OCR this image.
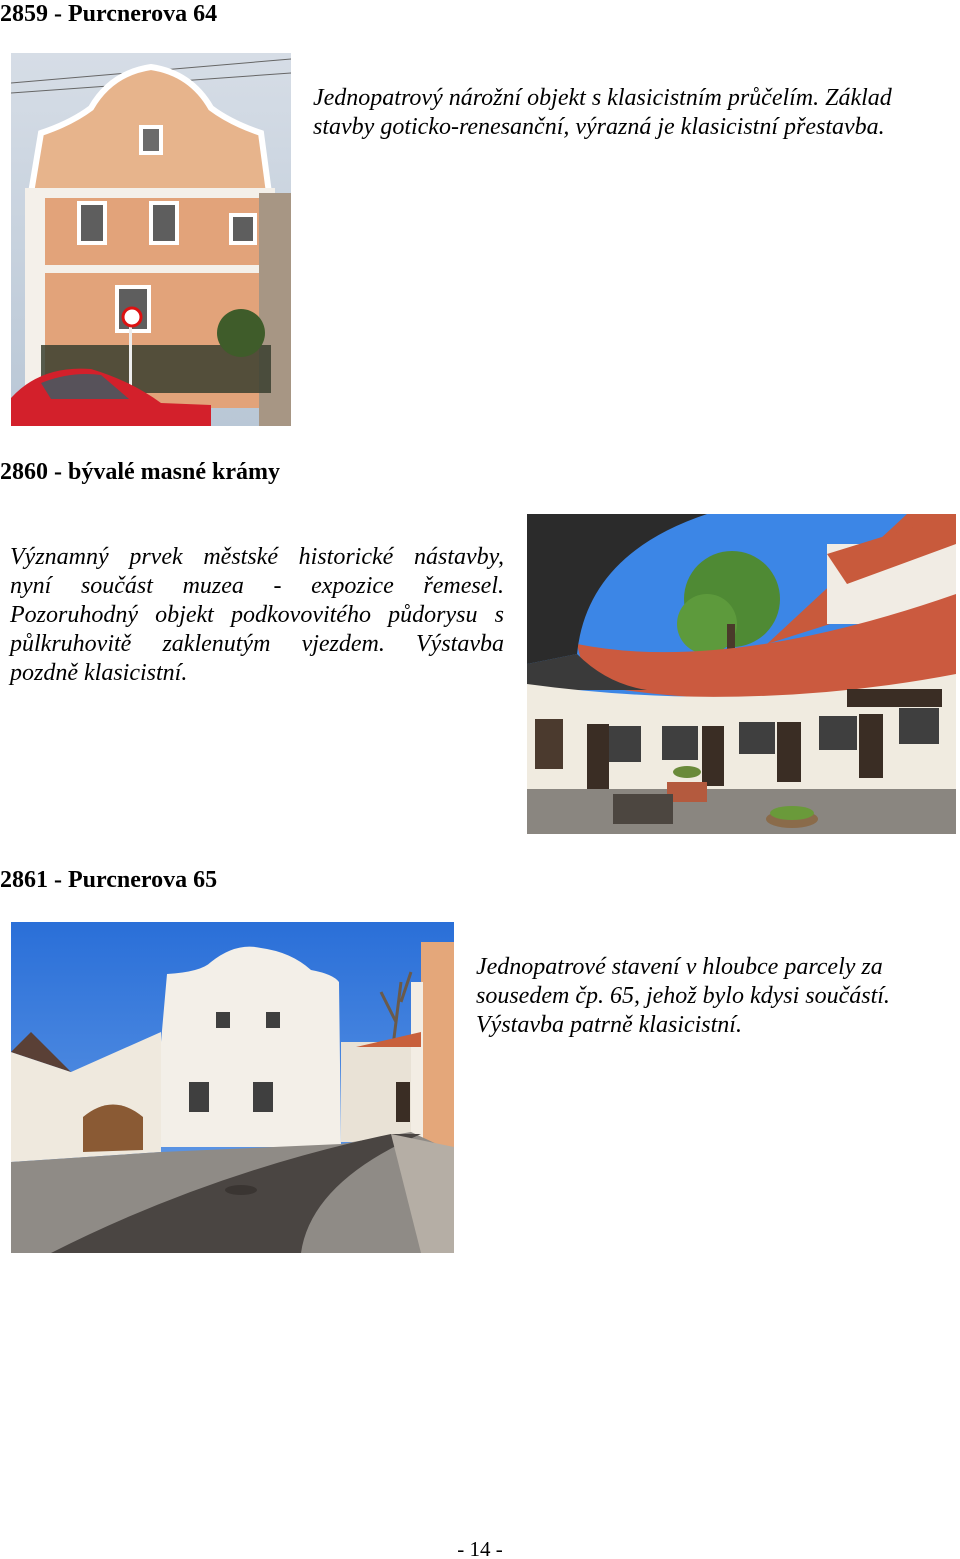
2859 - Purcnerova 64
Jednopatrový nárožní objekt s klasicistním průčelím. Základ
stavby goticko-renesanční, výrazná je klasicistní přestavba.
2860 - bývalé masné krámy
Významný prvek městské historické nástavby,
nyní součást muzea - expozice řemesel.
Pozoruhodný objekt podkovovitého půdorysu s
půlkruhovitě zaklenutým vjezdem. Výstavba
pozdně klasicistní.
2861 - Purcnerova 65
Jednopatrové stavení v hloubce parcely za
sousedem čp. 65, jehož bylo kdysi součástí.
Výstavba patrně klasicistní.
- 14 -
